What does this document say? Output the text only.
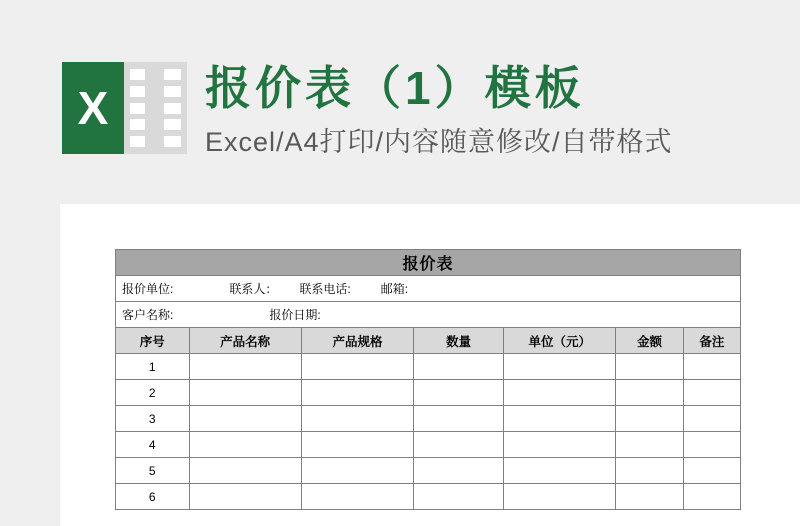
X 报价表（1）模板
Excel/A4打印/内容随意修改/自带格式
报价表						

报价单位: 联系人： 联系电话: 邮箱:						

客户名称: 报价日期:						

序号	产品名称	产品规格	数量	单位（元）	金额	备注
1						
2						
3						
4						
5						
6						
